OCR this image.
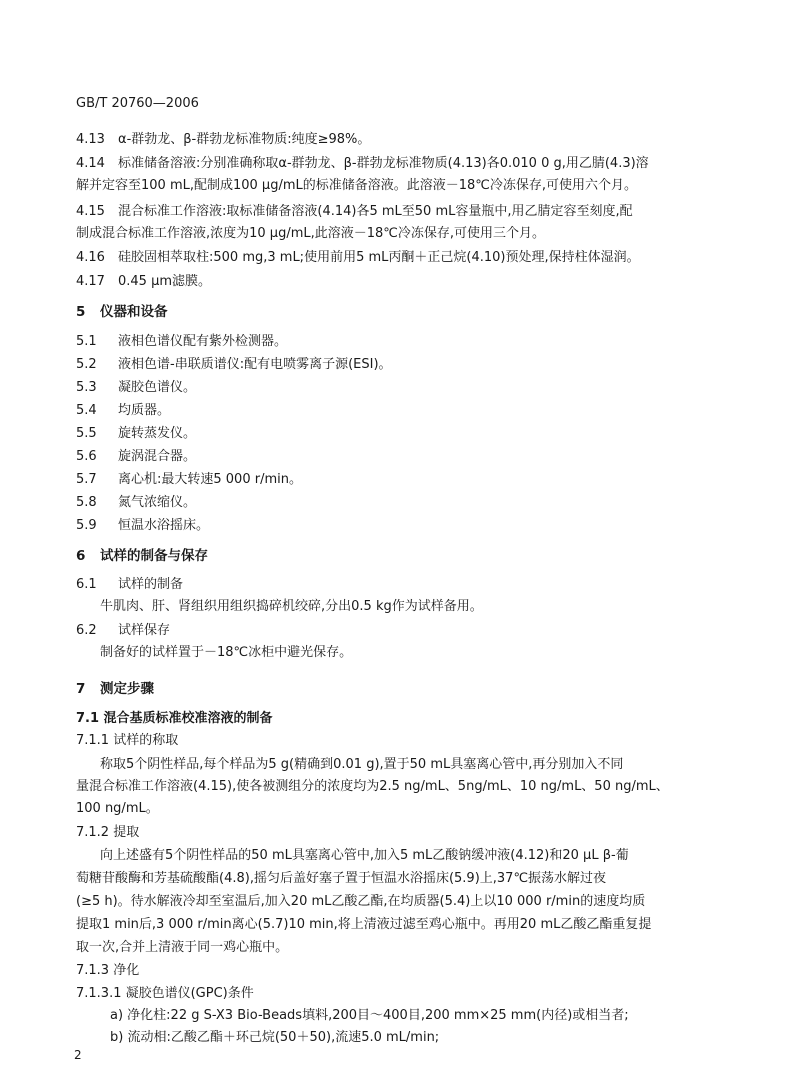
GB/T 20760—2006
4.13 α-群勃龙、β-群勃龙标准物质:纯度≥98%。
4.14 标准储备溶液:分别准确称取α-群勃龙、β-群勃龙标准物质(4.13)各0.010 0 g,用乙腈(4.3)溶
解并定容至100 mL,配制成100 μg/mL的标准储备溶液。此溶液－18℃冷冻保存,可使用六个月。
4.15 混合标准工作溶液:取标准储备溶液(4.14)各5 mL至50 mL容量瓶中,用乙腈定容至刻度,配
制成混合标准工作溶液,浓度为10 μg/mL,此溶液－18℃冷冻保存,可使用三个月。
4.16 硅胶固相萃取柱:500 mg,3 mL;使用前用5 mL丙酮＋正己烷(4.10)预处理,保持柱体湿润。
4.17 0.45 μm滤膜。
5 仪器和设备
5.1 液相色谱仪配有紫外检测器。
5.2 液相色谱-串联质谱仪:配有电喷雾离子源(ESI)。
5.3 凝胶色谱仪。
5.4 均质器。
5.5 旋转蒸发仪。
5.6 旋涡混合器。
5.7 离心机:最大转速5 000 r/min。
5.8 氮气浓缩仪。
5.9 恒温水浴摇床。
6 试样的制备与保存
6.1 试样的制备
牛肌肉、肝、肾组织用组织捣碎机绞碎,分出0.5 kg作为试样备用。
6.2 试样保存
制备好的试样置于－18℃冰柜中避光保存。
7 测定步骤
7.1 混合基质标准校准溶液的制备
7.1.1 试样的称取
称取5个阴性样品,每个样品为5 g(精确到0.01 g),置于50 mL具塞离心管中,再分别加入不同
量混合标准工作溶液(4.15),使各被测组分的浓度均为2.5 ng/mL、5ng/mL、10 ng/mL、50 ng/mL、
100 ng/mL。
7.1.2 提取
向上述盛有5个阴性样品的50 mL具塞离心管中,加入5 mL乙酸钠缓冲液(4.12)和20 μL β-葡
萄糖苷酸酶和芳基硫酸酯(4.8),摇匀后盖好塞子置于恒温水浴摇床(5.9)上,37℃振荡水解过夜
(≥5 h)。待水解液冷却至室温后,加入20 mL乙酸乙酯,在均质器(5.4)上以10 000 r/min的速度均质
提取1 min后,3 000 r/min离心(5.7)10 min,将上清液过滤至鸡心瓶中。再用20 mL乙酸乙酯重复提
取一次,合并上清液于同一鸡心瓶中。
7.1.3 净化
7.1.3.1 凝胶色谱仪(GPC)条件
a) 净化柱:22 g S-X3 Bio-Beads填料,200目～400目,200 mm×25 mm(内径)或相当者;
b) 流动相:乙酸乙酯＋环己烷(50＋50),流速5.0 mL/min;
2
